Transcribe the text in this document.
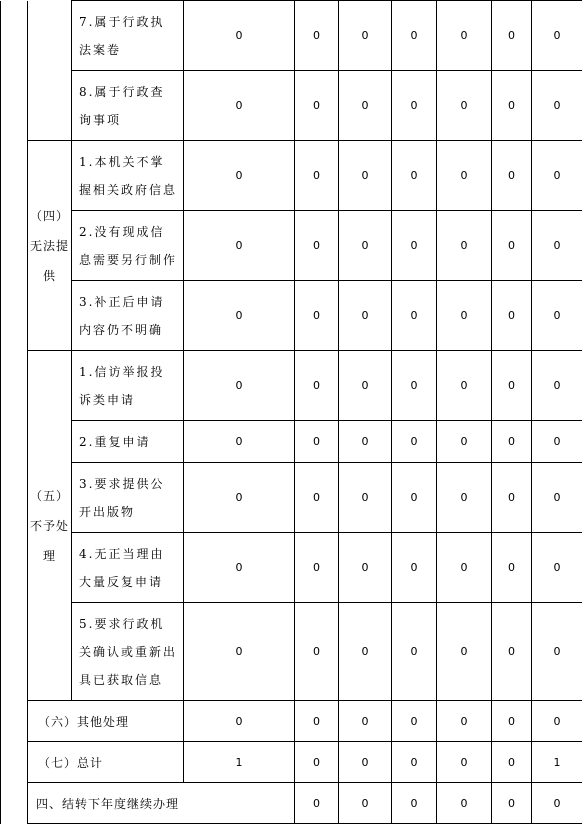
		7.属于行政执法案卷	0	0	0	0	0	0	0	
		8.属于行政查询事项	0	0	0	0	0	0	0	
	（四）无法提供	1.本机关不掌握相关政府信息	0	0	0	0	0	0	0	
		2.没有现成信息需要另行制作	0	0	0	0	0	0	0	
		3.补正后申请内容仍不明确	0	0	0	0	0	0	0	
	（五）不予处理	1.信访举报投诉类申请	0	0	0	0	0	0	0	
		2.重复申请	0	0	0	0	0	0	0	
		3.要求提供公开出版物	0	0	0	0	0	0	0	
		4.无正当理由大量反复申请	0	0	0	0	0	0	0	
		5.要求行政机关确认或重新出具已获取信息	0	0	0	0	0	0	0	
	（六）其他处理		0	0	0	0	0	0	0	
	（七）总计		1	0	0	0	0	0	1	
	四、结转下年度继续办理			0	0	0	0	0	0	
